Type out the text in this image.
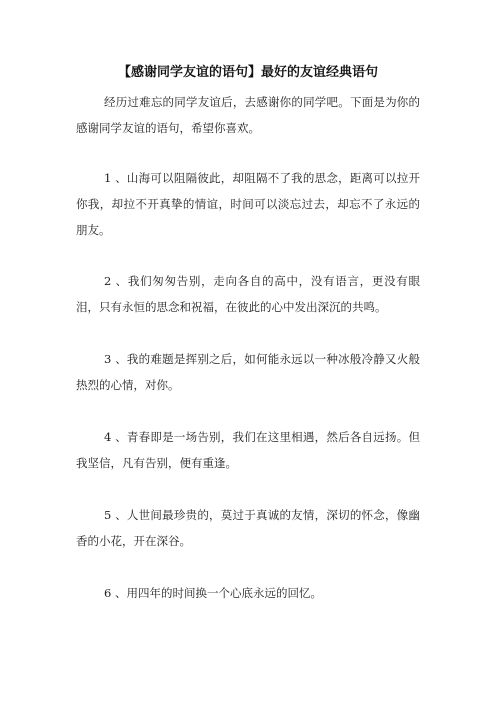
【感谢同学友谊的语句】最好的友谊经典语句

经历过难忘的同学友谊后，去感谢你的同学吧。下面是为你的感谢同学友谊的语句，希望你喜欢。

1 、山海可以阻隔彼此，却阻隔不了我的思念，距离可以拉开你我，却拉不开真挚的情谊，时间可以淡忘过去，却忘不了永远的朋友。

2 、我们匆匆告别，走向各自的高中，没有语言，更没有眼泪，只有永恒的思念和祝福，在彼此的心中发出深沉的共鸣。

3 、我的难题是挥别之后，如何能永远以一种冰般冷静又火般热烈的心情，对你。

4 、青春即是一场告别，我们在这里相遇，然后各自远扬。但我坚信，凡有告别，便有重逢。

5 、人世间最珍贵的，莫过于真诚的友情，深切的怀念，像幽香的小花，开在深谷。

6 、用四年的时间换一个心底永远的回忆。
